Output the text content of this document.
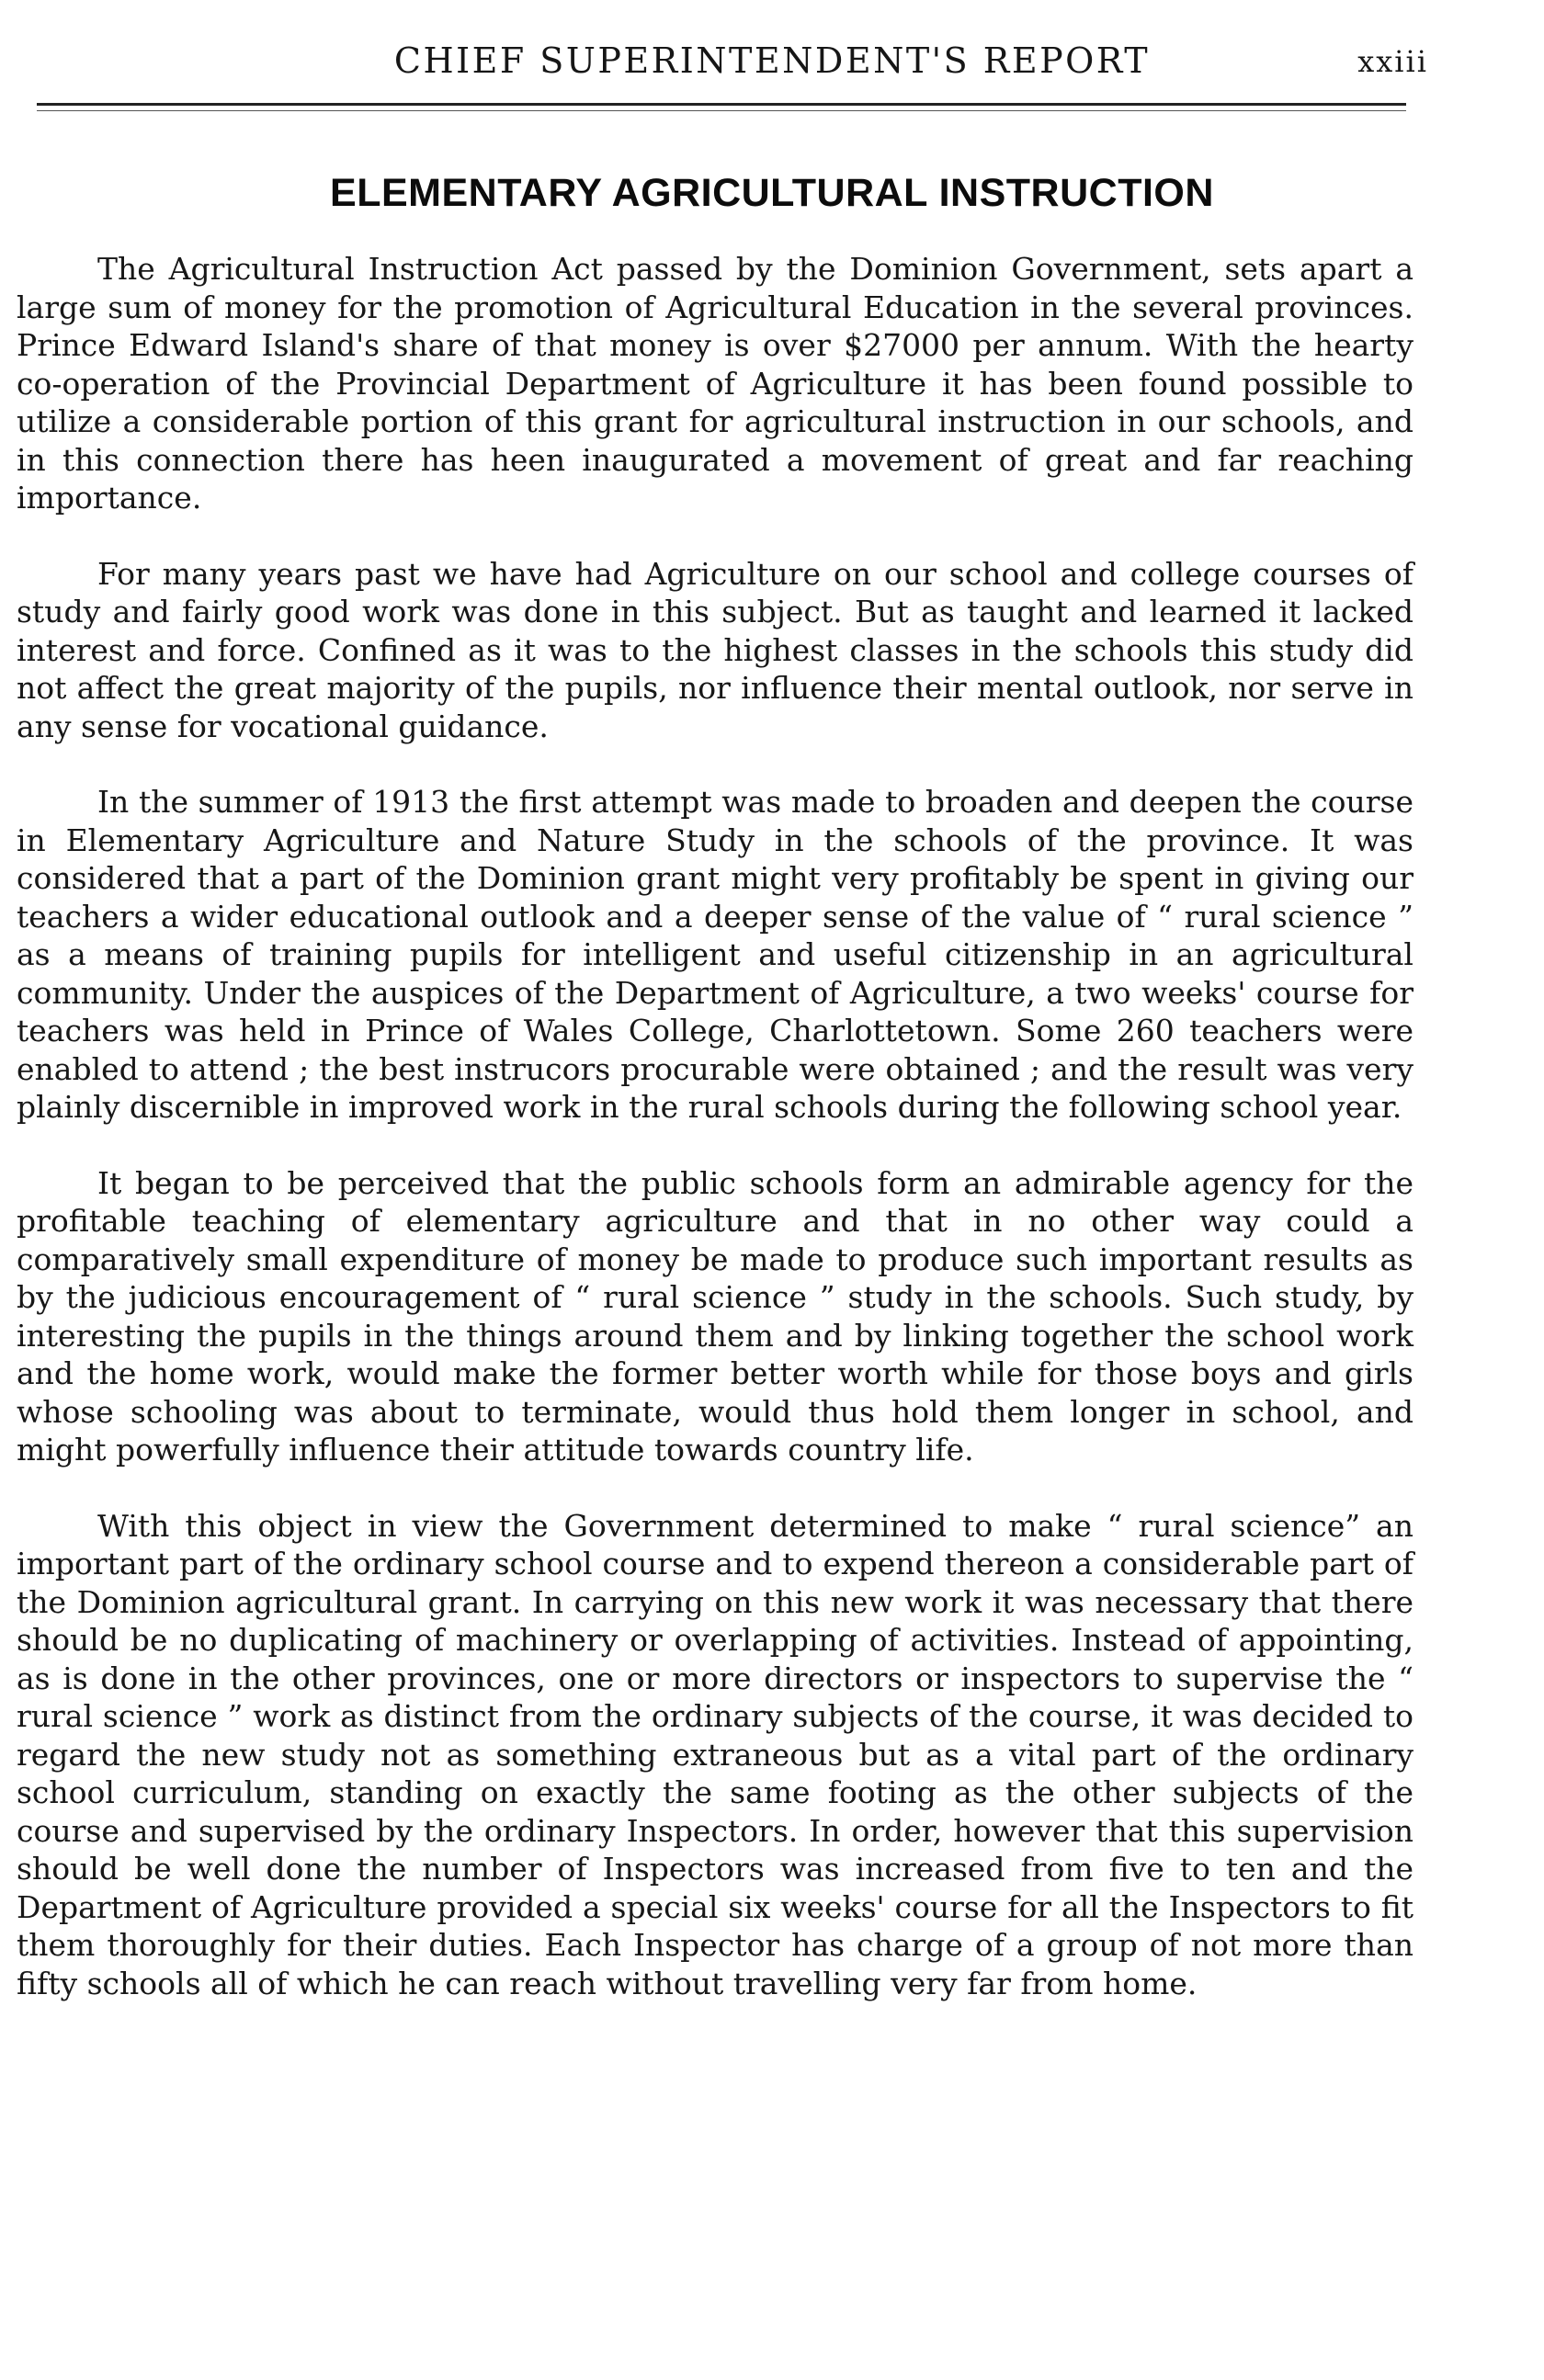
CHIEF SUPERINTENDENT'S REPORT	xxiii
ELEMENTARY AGRICULTURAL INSTRUCTION

The Agricultural Instruction Act passed by the Dominion Government, sets apart a large sum of money for the promotion of Agricultural Education in the several provinces. Prince Edward Island's share of that money is over $27000 per annum. With the hearty co-operation of the Provincial Department of Agriculture it has been found possible to utilize a considerable portion of this grant for agricultural instruction in our schools, and in this connection there has heen inaugurated a movement of great and far reaching importance.

For many years past we have had Agriculture on our school and college courses of study and fairly good work was done in this subject. But as taught and learned it lacked interest and force. Confined as it was to the highest classes in the schools this study did not affect the great majority of the pupils, nor influence their mental outlook, nor serve in any sense for vocational guidance.

In the summer of 1913 the first attempt was made to broaden and deepen the course in Elementary Agriculture and Nature Study in the schools of the province. It was considered that a part of the Dominion grant might very profitably be spent in giving our teachers a wider educational outlook and a deeper sense of the value of “ rural science ” as a means of training pupils for intelligent and useful citizenship in an agricultural community. Under the auspices of the Department of Agriculture, a two weeks' course for teachers was held in Prince of Wales College, Charlottetown. Some 260 teachers were enabled to attend ; the best instrucors procurable were obtained ; and the result was very plainly discernible in improved work in the rural schools during the following school year.

It began to be perceived that the public schools form an admirable agency for the profitable teaching of elementary agriculture and that in no other way could a comparatively small expenditure of money be made to produce such important results as by the judicious encouragement of “ rural science ” study in the schools. Such study, by interesting the pupils in the things around them and by linking together the school work and the home work, would make the former better worth while for those boys and girls whose schooling was about to terminate, would thus hold them longer in school, and might powerfully influence their attitude towards country life.

With this object in view the Government determined to make “ rural science” an important part of the ordinary school course and to expend thereon a considerable part of the Dominion agricultural grant. In carrying on this new work it was necessary that there should be no duplicating of machinery or overlapping of activities. Instead of appointing, as is done in the other provinces, one or more directors or inspectors to supervise the “ rural science ” work as distinct from the ordinary subjects of the course, it was decided to regard the new study not as something extraneous but as a vital part of the ordinary school curriculum, standing on exactly the same footing as the other subjects of the course and supervised by the ordinary Inspectors. In order, however that this supervision should be well done the number of Inspectors was increased from five to ten and the Department of Agriculture provided a special six weeks' course for all the Inspectors to fit them thoroughly for their duties. Each Inspector has charge of a group of not more than fifty schools all of which he can reach without travelling very far from home.
